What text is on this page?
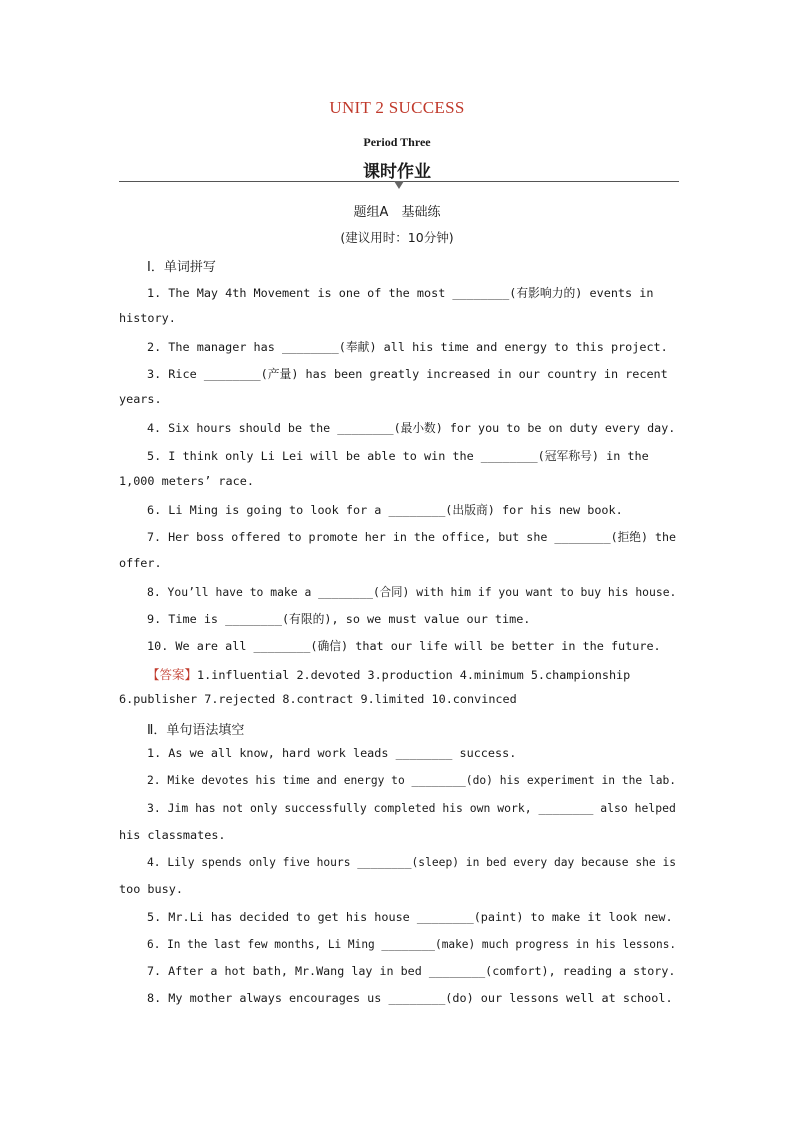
UNIT 2 SUCCESS
Period Three
课时作业
题组A　基础练
(建议用时：10分钟)
Ⅰ．单词拼写
1. The May 4th Movement is one of the most ________(有影响力的) events in
history.
2. The manager has ________(奉献) all his time and energy to this project.
3. Rice ________(产量) has been greatly increased in our country in recent
years.
4. Six hours should be the ________(最小数) for you to be on duty every day.
5. I think only Li Lei will be able to win the ________(冠军称号) in the
1,000 meters’ race.
6. Li Ming is going to look for a ________(出版商) for his new book.
7. Her boss offered to promote her in the office, but she ________(拒绝) the
offer.
8. You’ll have to make a ________(合同) with him if you want to buy his house.
9. Time is ________(有限的), so we must value our time.
10. We are all ________(确信) that our life will be better in the future.
【答案】1.influential 2.devoted 3.production 4.minimum 5.championship
6.publisher 7.rejected 8.contract 9.limited 10.convinced
Ⅱ．单句语法填空
1. As we all know, hard work leads ________ success.
2. Mike devotes his time and energy to ________(do) his experiment in the lab.
3. Jim has not only successfully completed his own work, ________ also helped
his classmates.
4. Lily spends only five hours ________(sleep) in bed every day because she is
too busy.
5. Mr.Li has decided to get his house ________(paint) to make it look new.
6. In the last few months, Li Ming ________(make) much progress in his lessons.
7. After a hot bath, Mr.Wang lay in bed ________(comfort), reading a story.
8. My mother always encourages us ________(do) our lessons well at school.
